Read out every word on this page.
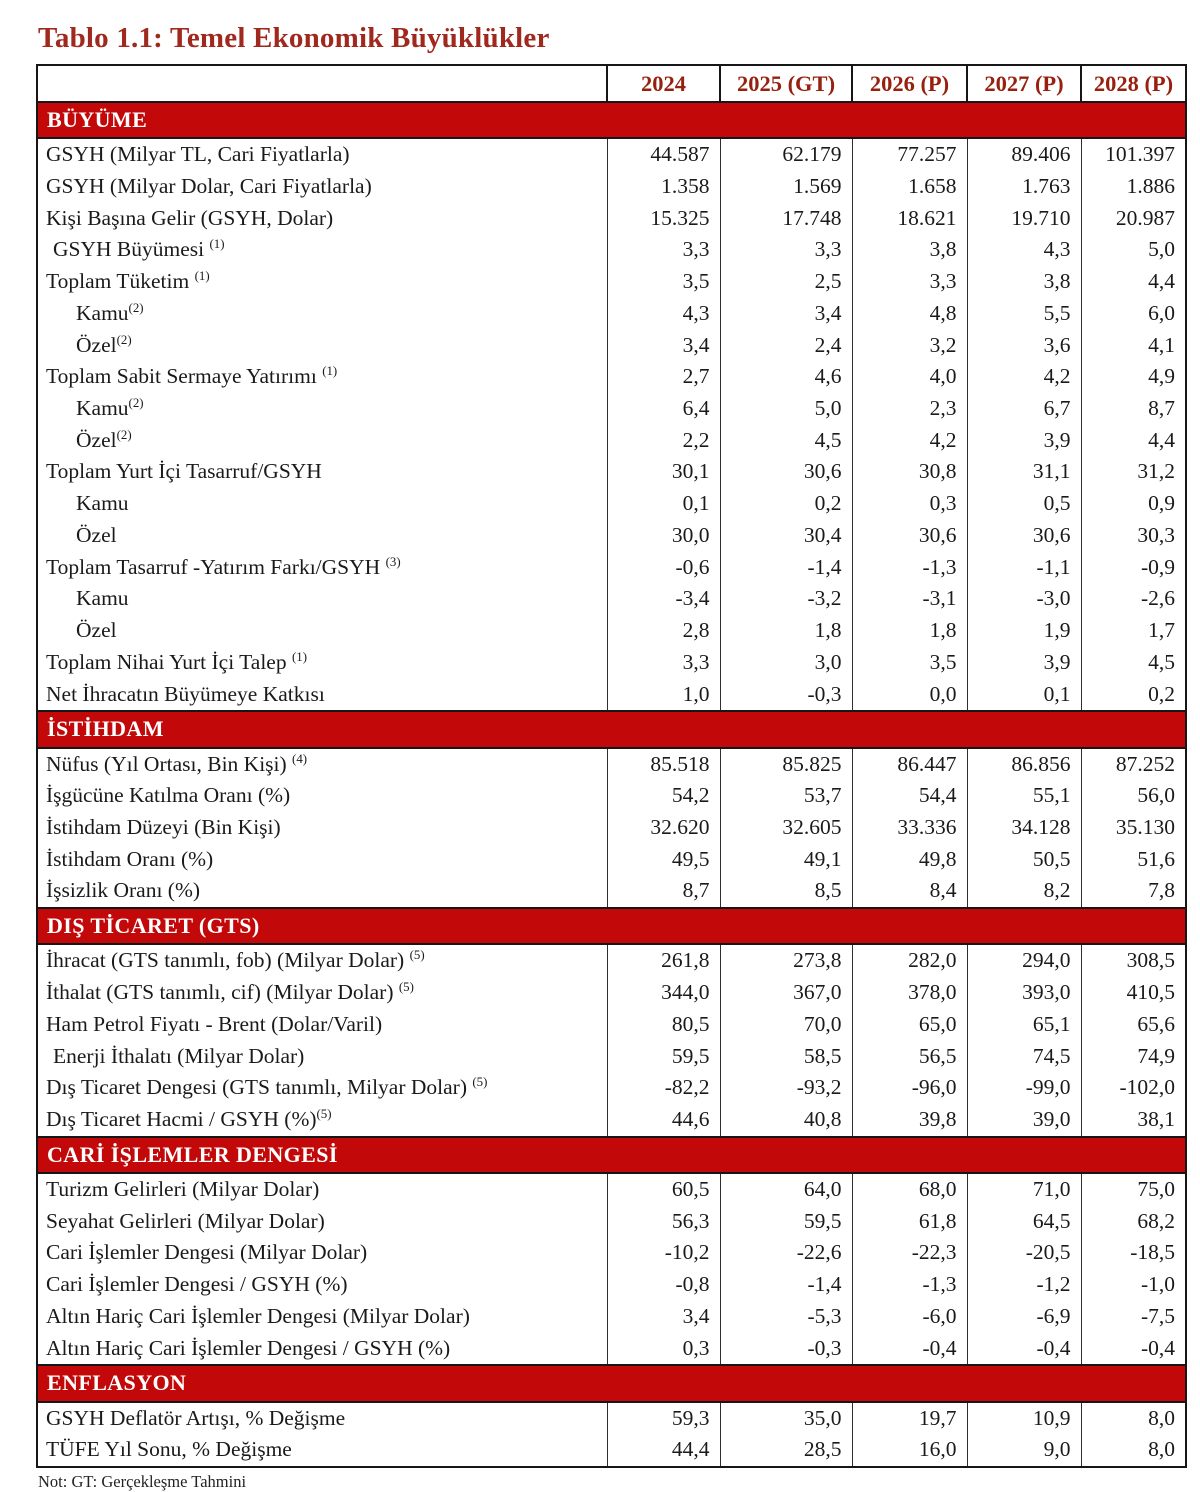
Tablo 1.1: Temel Ekonomik Büyüklükler
	2024	2025 (GT)	2026 (P)	2027 (P)	2028 (P)
BÜYÜME					
GSYH (Milyar TL, Cari Fiyatlarla)	44.587	62.179	77.257	89.406	101.397
GSYH (Milyar Dolar, Cari Fiyatlarla)	1.358	1.569	1.658	1.763	1.886
Kişi Başına Gelir (GSYH, Dolar)	15.325	17.748	18.621	19.710	20.987
GSYH Büyümesi $^{(1)}$	3,3	3,3	3,8	4,3	5,0
Toplam Tüketim $^{(1)}$	3,5	2,5	3,3	3,8	4,4
Kamu$^{(2)}$	4,3	3,4	4,8	5,5	6,0
Özel$^{(2)}$	3,4	2,4	3,2	3,6	4,1
Toplam Sabit Sermaye Yatırımı $^{(1)}$	2,7	4,6	4,0	4,2	4,9
Kamu$^{(2)}$	6,4	5,0	2,3	6,7	8,7
Özel$^{(2)}$	2,2	4,5	4,2	3,9	4,4
Toplam Yurt İçi Tasarruf/GSYH	30,1	30,6	30,8	31,1	31,2
Kamu	0,1	0,2	0,3	0,5	0,9
Özel	30,0	30,4	30,6	30,6	30,3
Toplam Tasarruf -Yatırım Farkı/GSYH $^{(3)}$	-0,6	-1,4	-1,3	-1,1	-0,9
Kamu	-3,4	-3,2	-3,1	-3,0	-2,6
Özel	2,8	1,8	1,8	1,9	1,7
Toplam Nihai Yurt İçi Talep $^{(1)}$	3,3	3,0	3,5	3,9	4,5
Net İhracatın Büyümeye Katkısı	1,0	-0,3	0,0	0,1	0,2
İSTİHDAM					
Nüfus (Yıl Ortası, Bin Kişi) $^{(4)}$	85.518	85.825	86.447	86.856	87.252
İşgücüne Katılma Oranı (%)	54,2	53,7	54,4	55,1	56,0
İstihdam Düzeyi (Bin Kişi)	32.620	32.605	33.336	34.128	35.130
İstihdam Oranı (%)	49,5	49,1	49,8	50,5	51,6
İşsizlik Oranı (%)	8,7	8,5	8,4	8,2	7,8
DIŞ TİCARET (GTS)					
İhracat (GTS tanımlı, fob) (Milyar Dolar) $^{(5)}$	261,8	273,8	282,0	294,0	308,5
İthalat (GTS tanımlı, cif) (Milyar Dolar) $^{(5)}$	344,0	367,0	378,0	393,0	410,5
Ham Petrol Fiyatı - Brent (Dolar/Varil)	80,5	70,0	65,0	65,1	65,6
Enerji İthalatı (Milyar Dolar)	59,5	58,5	56,5	74,5	74,9
Dış Ticaret Dengesi (GTS tanımlı, Milyar Dolar) $^{(5)}$	-82,2	-93,2	-96,0	-99,0	-102,0
Dış Ticaret Hacmi / GSYH (%)$^{(5)}$	44,6	40,8	39,8	39,0	38,1
CARİ İŞLEMLER DENGESİ					
Turizm Gelirleri (Milyar Dolar)	60,5	64,0	68,0	71,0	75,0
Seyahat Gelirleri (Milyar Dolar)	56,3	59,5	61,8	64,5	68,2
Cari İşlemler Dengesi (Milyar Dolar)	-10,2	-22,6	-22,3	-20,5	-18,5
Cari İşlemler Dengesi / GSYH (%)	-0,8	-1,4	-1,3	-1,2	-1,0
Altın Hariç Cari İşlemler Dengesi (Milyar Dolar)	3,4	-5,3	-6,0	-6,9	-7,5
Altın Hariç Cari İşlemler Dengesi / GSYH (%)	0,3	-0,3	-0,4	-0,4	-0,4
ENFLASYON					
GSYH Deflatör Artışı, % Değişme	59,3	35,0	19,7	10,9	8,0
TÜFE Yıl Sonu, % Değişme	44,4	28,5	16,0	9,0	8,0
Not: GT: Gerçekleşme Tahmini
